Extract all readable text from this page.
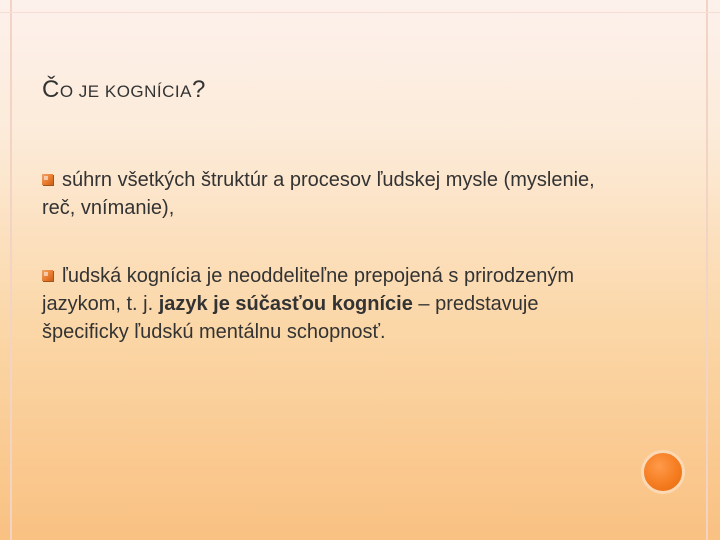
ČO JE KOGNÍCIA?
súhrn všetkých štruktúr a procesov ľudskej mysle (myslenie, reč, vnímanie),
ľudská kognícia je neoddeliteľne prepojená s prirodzeným jazykom, t. j. jazyk je súčasťou kognície – predstavuje špecificky ľudskú mentálnu schopnosť.
